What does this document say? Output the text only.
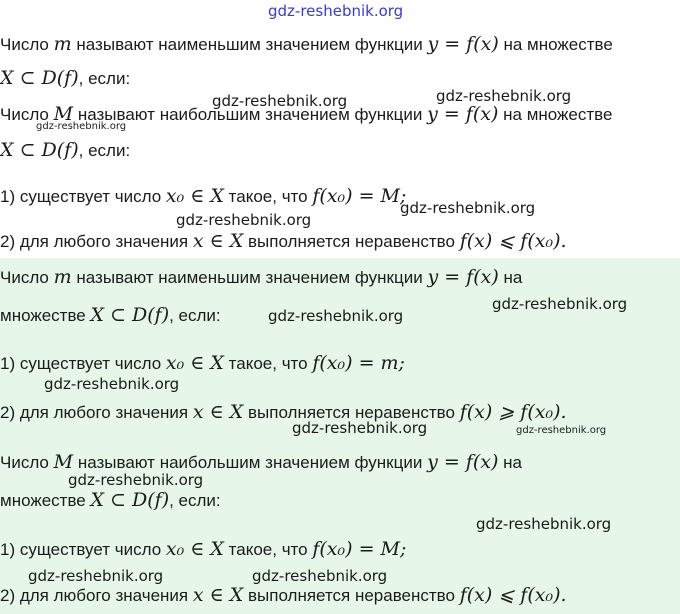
gdz-reshebnik.org
Число m называют наименьшим значением функции y = f(x) на множестве
X ⊂ D(f), если:
Число M называют наибольшим значением функции y = f(x) на множестве
X ⊂ D(f), если:
1) существует число x₀ ∈ X такое, что f(x₀) = M;
2) для любого значения x ∈ X выполняется неравенство f(x) ⩽ f(x₀).
Число m называют наименьшим значением функции y = f(x) на
множестве X ⊂ D(f), если:
1) существует число x₀ ∈ X такое, что f(x₀) = m;
2) для любого значения x ∈ X выполняется неравенство f(x) ⩾ f(x₀).
Число M называют наибольшим значением функции y = f(x) на
множестве X ⊂ D(f), если:
1) существует число x₀ ∈ X такое, что f(x₀) = M;
2) для любого значения x ∈ X выполняется неравенство f(x) ⩽ f(x₀).
gdz-reshebnik.org	gdz-reshebnik.org
gdz-reshebnik.org
gdz-reshebnik.org
gdz-reshebnik.org
gdz-reshebnik.org
gdz-reshebnik.org
gdz-reshebnik.org
gdz-reshebnik.org	gdz-reshebnik.org
gdz-reshebnik.org
gdz-reshebnik.org
gdz-reshebnik.org	gdz-reshebnik.org
